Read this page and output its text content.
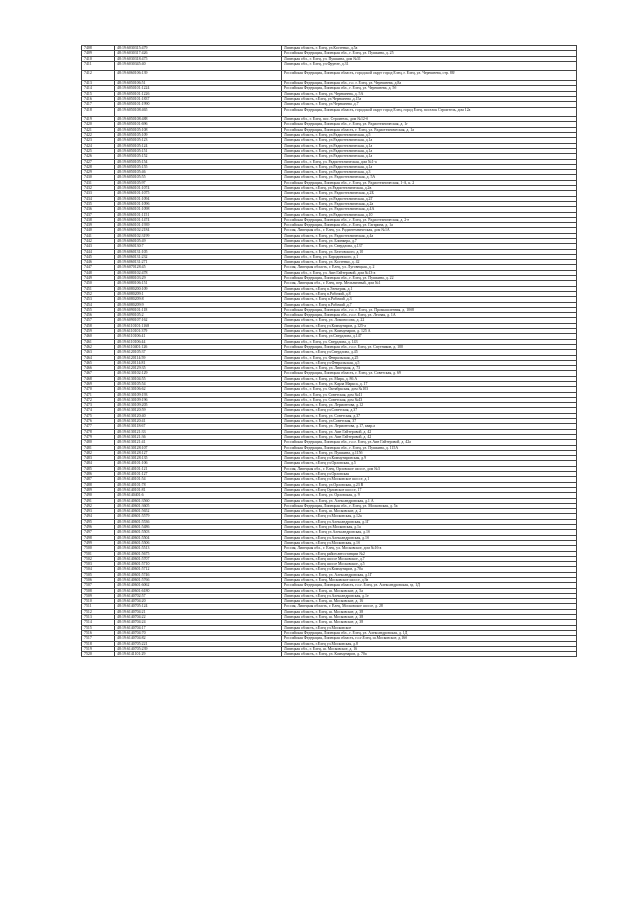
7408	48:19:6030315:479	Липецкая область, г. Елец, ул.Костенко, д.5а
7409	48:19:6030317:426	Российская Федерация, Липецкая обл., г. Елец, ул. Пушкина, д. 25
7410	48:19:6030318:475	Липецкая обл., г. Елец, ул. Пушкина, дом №31
7411	48:19:6030345:40	Липецкая обл., г. Елец, ул.Фрунзе, д.31
7412	48:19:6060106:139	Российская Федерация, Липецкая область, городской округ город Елец, г. Елец, ул. Черешнева, стр. 88/
7413	48:19:6050106:51	Российская Федерация, Липецкая обл., г.о. г. Елец, ул. Черешнева, д.8а
7414	48:19:6050101:1224	Российская Федерация, Липецкая обл., г. Елец, ул. Черешнева, д. 5б
7415	48:19:6050101:1226	Липецкая область, г. Елец, ул. Черешнева, д. 5А
7416	48:19:6050101:1837	Липецкая область, г.Елец, ул.Черешнева ,д.15а
7417	48:19:6050101:1990	Липецкая область, г. Елец, ул.Черешнева ,д.7
7418	48:19:6050108:465	Российская Федерация, Липецкая область, городской округ город Елец, город Елец, поселок Строитель, дом 12а
7419	48:19:6050108:488	Липецкая обл., г. Елец, пос. Строитель, дом №12-б
7420	48:19:6050101:696	Российская Федерация, Липецкая обл., г. Елец, ул. Радиотехническая, д. 1г
7421	48:19:6050105:108	Российская Федерация, Липецкая область, г. Елец, ул. Радиотехническая, д. 1а
7422	48:19:6050105:109	Липецкая область, г. Елец, ул.Радиотехническая, д.5
7423	48:19:6050105:123	Липецкая область, г. Елец, ул.Радиотехническая, д.1а
7424	48:19:6050105:124	Липецкая область, г. Елец, ул.Радиотехническая, д.1а
7425	48:19:6050105:151	Липецкая область, г. Елец, ул.Радиотехническая, д.1а
7426	48:19:6050105:152	Липецкая область, г. Елец, ул.Радиотехническая, д.1а
7427	48:19:6050105:154	Липецкая обл., г. Елец, ул. Радиотехническая, дом №1-а
7428	48:19:6050105:155	Липецкая область, г. Елец, ул.Радиотехническая, д.1а
7429	48:19:6050105:46	Липецкая область, г. Елец, ул.Радиотехническая, д.3
7430	48:19:6050105:55	Липецкая область, г. Елец, ул. Радиотехническая, д. 5А
7431	48:19:6050105:97	Российская Федерация, Липецкая обл., г. Елец, ул. Радиотехническая, 1-А, к. 2
7432	48:19:6060101:1074	Липецкая область, г.Елец, ул.Радиотехническая, д.2в
7433	48:19:6060101:1075	Липецкая область, г. Елец, ул. Радиотехническая, д.2Б
7434	48:19:6060101:1094	Липецкая область, г. Елец, ул.Радиотехническая, д.2Г
7435	48:19:6060101:1096	Липецкая область, г. Елец, ул. Радиотехническая, д.2а
7436	48:19:6060101:1098	Липецкая область, г. Елец, ул. Радиотехническая, д.4А
7437	48:19:6060101:1151	Липецкая область, г. Елец, ул.Радиотехническая, д.10
7438	48:19:6060101:1474	Российская Федерация, Липецкая обл., г. Елец, ул. Радиотехническая, д. 2-е
7439	48:19:6060101:1939	Российская Федерация, Липецкая обл., г. Елец, ул. Гагарина, д. 1а
7440	48:19:6060102:2184	Россия, Липецкая обл., г. Елец, ул. Радиотехническая, дом №1А
7441	48:19:6060102:3199	Липецкая область, г. Елец, ул. Радиотехническая, д.4а
7442	48:19:6060105:49	Липецкая область, г. Елец, ул. Блинкера, д.7
7443	48:19:6060130:7	Липецкая область, г. Елец, ул. Свердлова, д.137
7444	48:19:6060131:105	Липецкая область, г. Елец, ул. Бехтовского, д.10
7445	48:19:6060131:232	Липецкая обл., г. Елец, ул. Бородинского, д.1
7446	48:19:6060131:271	Липецкая область, г. Елец, ул. Костенко, д. 42
7447	48:19:6070128:45	Россия, Липецкая область, г. Елец, ул. Луговецкая, д. 2
7448	48:19:6080102:478	Липецкая обл., г. Елец, ул. Аин Гайтеровой, дом №13-а
7449	48:19:6080103:29	Российская Федерация, Липецкая обл., г. Елец, ул. Пушкина, д. 22
7450	48:19:6080106:151	Россия, Липецкая обл., г. Елец, пер. Мельничный, дом №1
7451	48:19:6080200:109	Липецкая область, г.Елец п.Электрик, д.1
7452	48:19:6080209:1	Липецкая область, г.Елец п.Рабочий, д.8
7453	48:19:6080209:8	Липецкая область, г. Елец п.Рабочий ,д.3
7454	48:19:6080209:9	Липецкая область, г. Елец п.Рабочий ,д.7
7455	48:19:6090101:118	Российская Федерация, Липецкая обл., г.о. г. Елец, ул. Промышленная, д. 10б8
7456	48:19:6090105:2	Российская Федерация, Липецкая обл., г.о.г. Елец, ул. Лесная, д. 1А
7457	48:19:6090107:162	Липецкая область, г. Елец, ул. Ломоносова, д. 22
7458	48:19:6110101:1168	Липецкая область, г.Елец ул.Коммунаров, д.125-а
7459	48:19:6110101:379	Липецкая область, г. Елец, ул. Коммунаров, д. 125 А
7460	48:19:6110106:41	Липецкая область, г. Елец, ул.Свердлова, д.147
7461	48:19:6110106:44	Липецкая обл., г. Елец, ул. Свердлова, д. 143
7462	48:19:6110401:126	Российская Федерация, Липецкая обл., г.о.г. Елец, ул. Спутников, д. 100
7463	48:19:6120105:37	Липецкая область, г.Елец ул.Свердлова, д.45
7464	48:19:6120114:59	Липецкая обл., г. Елец, ул. Февральская, д.25
7465	48:19:6120114:81	Липецкая область, г.Елец ул.Февральская, д.5
7466	48:19:6120129:35	Липецкая область, г. Елец, ул. Липецкая, д. 73
7467	48:19:6130102:129	Российская Федерация, Липецкая область, г. Елец, ул. Советская, д. 69
7468	48:19:6130104:55	Липецкая область, г. Елец, ул. Мира, д. 86 А
7469	48:19:6130105:54	Липецкая область, г. Елец, ул. Карла Маркса, д. 17
7470	48:19:6130106:62	Липецкая обл., г. Елец, ул. Октябрьская, дом №103
7471	48:19:6130109:193	Липецкая обл., г. Елец, ул. Советская, дом №41
7472	48:19:6130109:196	Липецкая обл., г. Елец, ул. Советская, дом №43
7473	48:19:6130109:205	Липецкая область, г. Елец, ул. Лермонтова, д.12
7474	48:19:6130120:59	Липецкая область, г.Елец ул.Советская, д.37
7475	48:19:6130120:40	Липецкая область, г. Елец, ул. Советская, д.37
7476	48:19:6130120:41	Липецкая область, г. Елец, ул.Советская, 37
7477	48:19:6130118:67	Липецкая область, г. Елец, ул. Лермонтова, д.17, квар.а
7478	48:19:6130121:33	Липецкая область, г. Елец, ул. Аин Гайтеровой, д. 42
7479	48:19:6130121:36	Липецкая область, г. Елец, ул. Аин Гайтеровой, д. 42
7480	48:19:6130121:41	Российская Федерация, Липецкая обл., г.о.г. Елец, ул.Аин Гайтеровой, д. 42а
7481	48:19:6130128:107	Российская Федерация, Липецкая обл., г. Елец, ул. Пушкина, д. 115А
7482	48:19:6130128:127	Липецкая область, г. Елец, ул. Пушкина, д.115б
7483	48:19:6130128:135	Липецкая область, г.Елец ул.Коммунаровская, д.9
7484	48:19:6140101:106	Липецкая область, г.Елец ул.Орловская, д.5
7485	48:19:6140101:121	Россия, Липецкая обл., г. Елец, Орловское шоссе, дом №3
7486	48:19:6140101:127	Липецкая область, г.Елец ул.Орловская
7487	48:19:6140101:54	Липецкая область, г.Елец ул.Московское шоссе, д.1
7488	48:19:6140101:78	Липецкая область, г. Елец, ул.Орловская, д.23 В
7489	48:19:6140101:81	Липецкая область, г.Елец Орловское шоссе, 17
7490	48:19:6140401:6	Липецкая область, г. Елец, ул. Орловская, д. 9
7491	48:19:6140601:3560	Липецкая область, г. Елец, ул. Александровская, д.1 А
7492	48:19:6140601:3605	Российская Федерация, Липецкая обл., г. Елец, ул. Московская, д. 5а
7493	48:19:6140601:5652	Липецкая область, г. Елец, ш. Московское, д. 2
7494	48:19:6140601:5579	Липецкая область, г.Елец ул.Московская, д.12а
7495	48:19:6140601:5536	Липецкая область, г.Елец ул.Александровская, д.1Г
7496	48:19:6140601:5486	Липецкая область, г. Елец ул.Московская, д.1а
7497	48:19:6140601:5503	Липецкая область, г. Елец ул.Александровская, д.1б
7498	48:19:6140601:5504	Липецкая область, г.Елец ул.Александровская, д.1б
7499	48:19:6140601:5506	Липецкая область, г.Елец ул.Московская, д.1б
7500	48:19:6140601:5513	Россия, Липецкая обл., г. Елец, ул. Московское, дом №16-а
7501	48:19:6140601:5675	Липецкая область, г.Елец район автостанции №2
7502	48:19:6140601:5707	Липецкая область, г.Елец шоссе Московское, д.7
7503	48:19:6140601:5710	Липецкая область, г.Елец шоссе Московское, д.5
7504	48:19:6140601:5712	Липецкая область, г.Елец ул.Коммунаров, д.70а
7505	48:19:6140601:5746	Липецкая область, г. Елец, ул. Александровская, д.1Г
7506	48:19:6140601:5766	Липецкая область, г. Елец, Московское шоссе, д.9а
7507	48:19:6140601:6062	Российская Федерация, Липецкая область, г.о.г. Елец, ул. Александровская, зд. 1Д
7508	48:19:6140601:6180	Липецкая область, г. Елец, ш. Московское, д. 5а
7509	48:19:6140702:57	Липецкая область, г.Елец ул.Александровская, д.1е
7510	48:19:6140704:20	Липецкая область, г. Елец, ш. Московское, д. 16
7511	48:19:6140705:124	Россия, Липецкая область, г. Елец, Московское шоссе, д. 28
7512	48:19:6140704:21	Липецкая область, г. Елец, ш. Московское, д. 38
7513	48:19:6140704:22	Липецкая область, г. Елец, ш. Московское, д. 38
7514	48:19:6140704:24	Липецкая область, г. Елец, ш. Московское, д. 38
7515	48:19:6140704:17	Липецкая область, г.Елец ул.Московское
7516	48:19:6140704:70	Российская Федерация, Липецкая обл., г. Елец, ул. Александровская, д. 1Д
7517	48:19:6140704:82	Российская Федерация, Липецкая область, г.о.г.Елец, ш.Московское, д.16б
7518	48:19:6140705:221	Липецкая область, г.Елец ул.Московская, д.8
7519	48:19:6140705:239	Липецкая обл., г. Елец, ш. Московское, д. 16
7520	48:19:6141101:29	Липецкая область, г. Елец, ул. Коммунаров, д. 70а
